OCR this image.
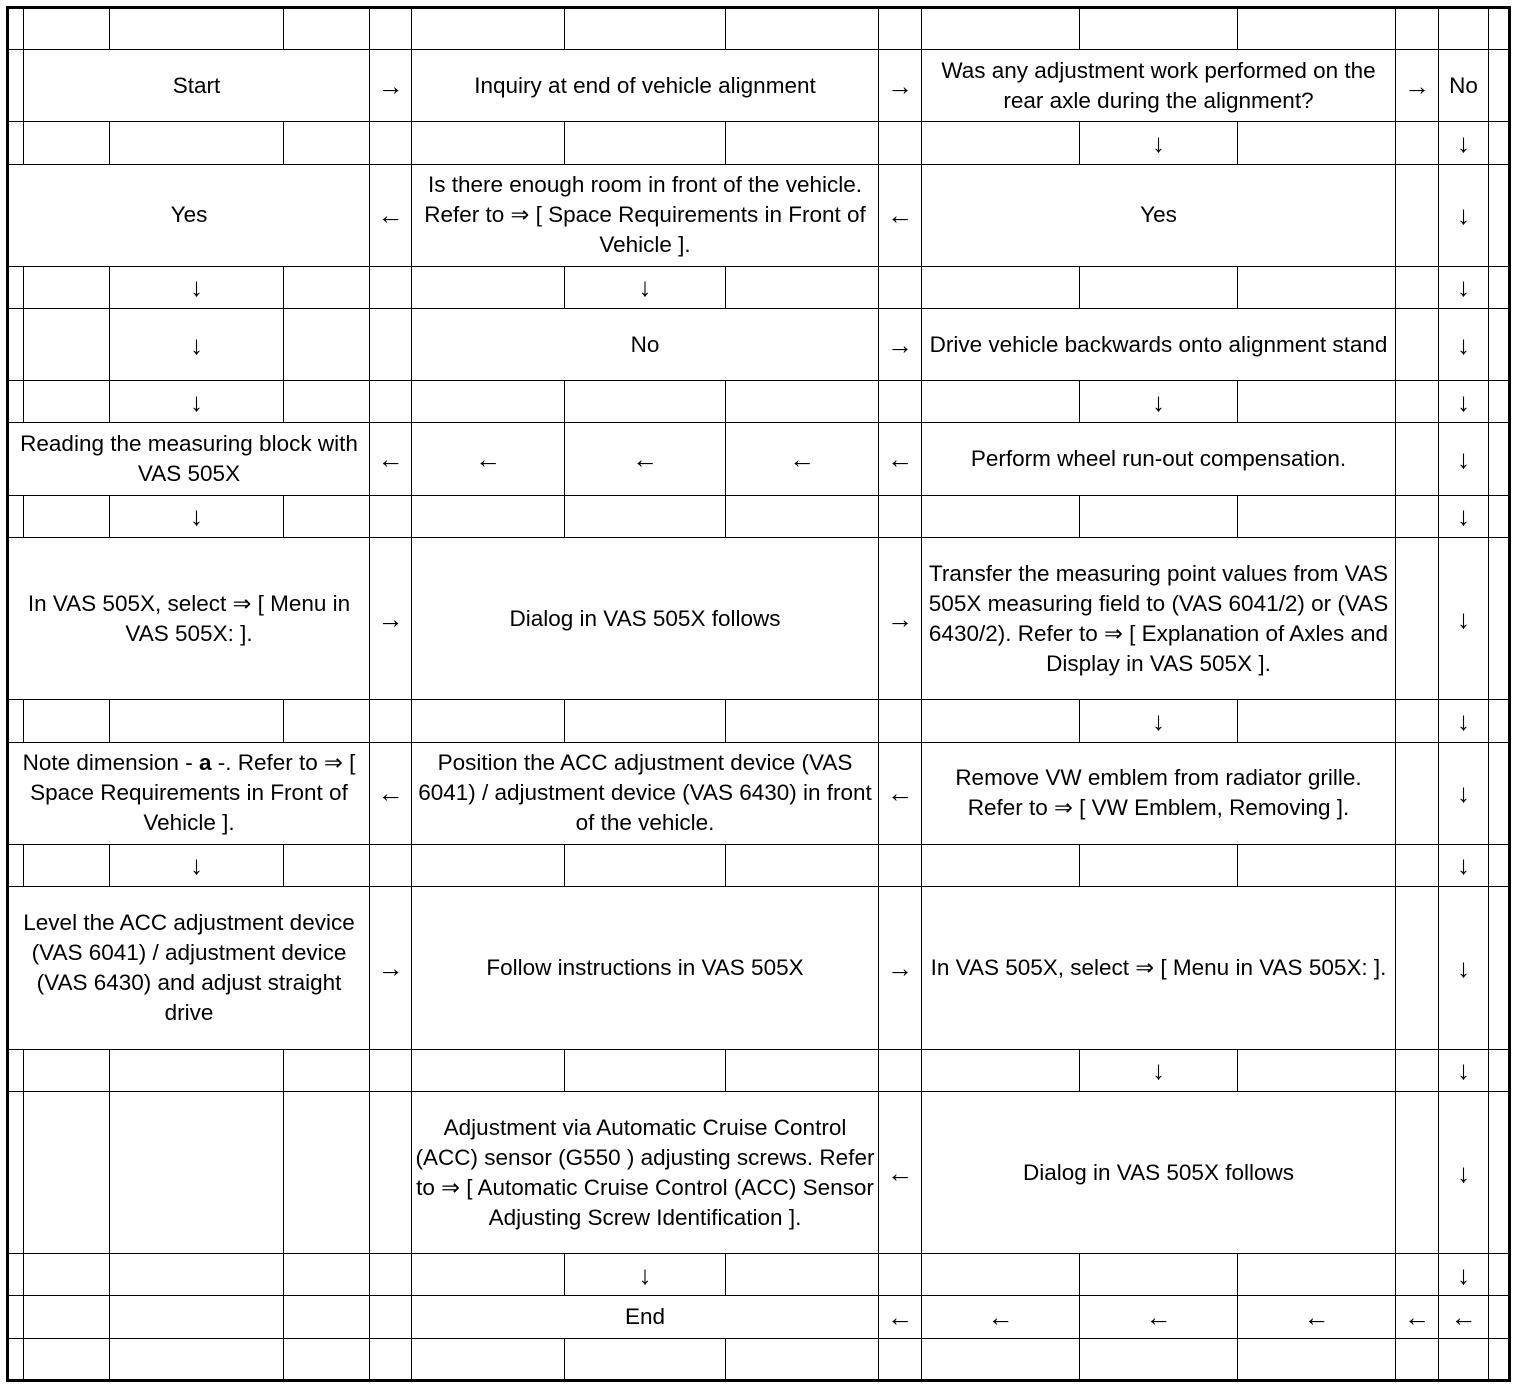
	Start			→	Inquiry at end of vehicle alignment			→	Was any adjustment work performed on the rear axle during the alignment?			→	No	
										↓			↓	
Yes				←	Is there enough room in front of the vehicle. Refer to ⇒ [ Space Requirements in Front of Vehicle ].			←	Yes				↓	
		↓				↓							↓	
		↓			No			→	Drive vehicle backwards onto alignment stand				↓	
		↓								↓			↓	
Reading the measuring block with VAS 505X				←	←	←	←	←	Perform wheel run-out compensation.				↓	
		↓											↓	
In VAS 505X, select ⇒ [ Menu in VAS 505X: ].				→	Dialog in VAS 505X follows			→	Transfer the measuring point values from VAS 505X measuring field to (VAS 6041/2) or (VAS 6430/2). Refer to ⇒ [ Explanation of Axles and Display in VAS 505X ].				↓	
										↓			↓	
Note dimension - a -. Refer to ⇒ [ Space Requirements in Front of Vehicle ].				←	Position the ACC adjustment device (VAS 6041) / adjustment device (VAS 6430) in front of the vehicle.			←	Remove VW emblem from radiator grille. Refer to ⇒ [ VW Emblem, Removing ].				↓	
		↓											↓	
Level the ACC adjustment device (VAS 6041) / adjustment device (VAS 6430) and adjust straight drive				→	Follow instructions in VAS 505X			→	In VAS 505X, select ⇒ [ Menu in VAS 505X: ].				↓	
										↓			↓	
					Adjustment via Automatic Cruise Control (ACC) sensor (G550 ) adjusting screws. Refer to ⇒ [ Automatic Cruise Control (ACC) Sensor Adjusting Screw Identification ].			←	Dialog in VAS 505X follows				↓	
						↓							↓	
					End			←	←	←	←	←	←	
